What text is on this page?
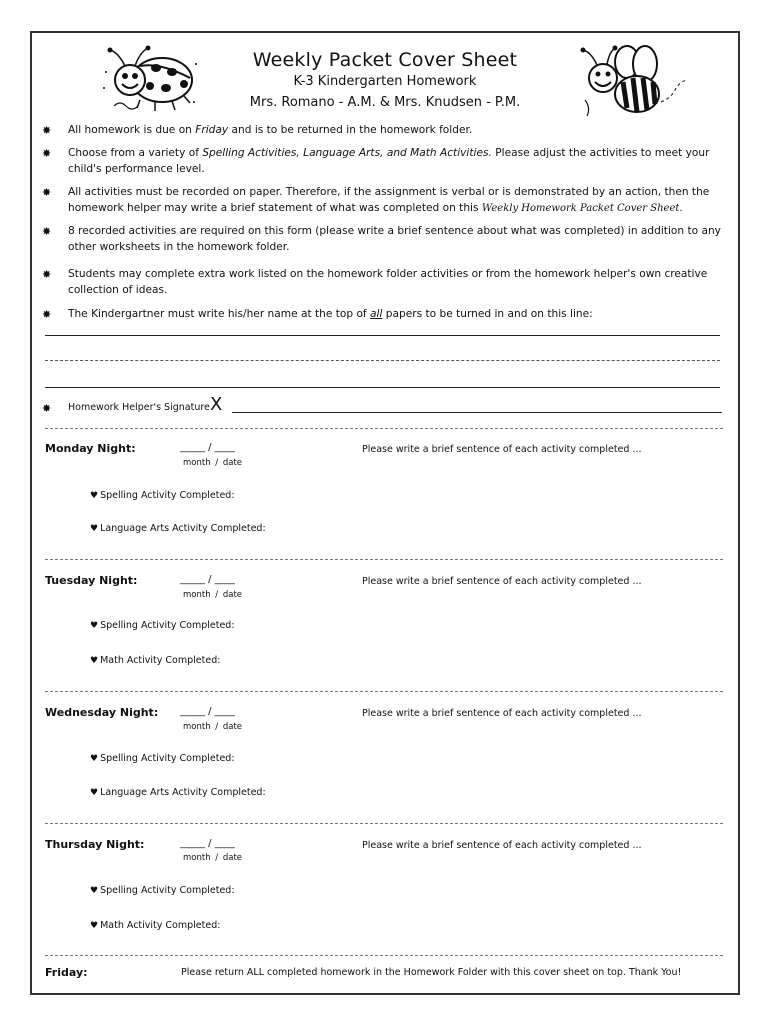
Weekly Packet Cover Sheet
K-3 Kindergarten Homework
Mrs. Romano - A.M. & Mrs. Knudsen - P.M.
✸ All homework is due on Friday and is to be returned in the homework folder.
✸ Choose from a variety of Spelling Activities, Language Arts, and Math Activities. Please adjust the activities to meet your child's performance level.
✸ All activities must be recorded on paper. Therefore, if the assignment is verbal or is demonstrated by an action, then the homework helper may write a brief statement of what was completed on this Weekly Homework Packet Cover Sheet.
✸ 8 recorded activities are required on this form (please write a brief sentence about what was completed) in addition to any other worksheets in the homework folder.
✸ Students may complete extra work listed on the homework folder activities or from the homework helper's own creative collection of ideas.
✸ The Kindergartner must write his/her name at the top of all papers to be turned in and on this line:
✸ Homework Helper's Signature X
Monday Night:	_____ / ____
month / date
Please write a brief sentence of each activity completed ...
♥ Spelling Activity Completed:
♥ Language Arts Activity Completed:
Tuesday Night:	_____ / ____
month / date
Please write a brief sentence of each activity completed ...
♥ Spelling Activity Completed:
♥ Math Activity Completed:
Wednesday Night: _____ / ____
month / date
Please write a brief sentence of each activity completed ...
♥ Spelling Activity Completed:
♥ Language Arts Activity Completed:
Thursday Night:	_____ / ____
month / date
Please write a brief sentence of each activity completed ...
♥ Spelling Activity Completed:
♥ Math Activity Completed:
Friday:	Please return ALL completed homework in the Homework Folder with this cover sheet on top. Thank You!
